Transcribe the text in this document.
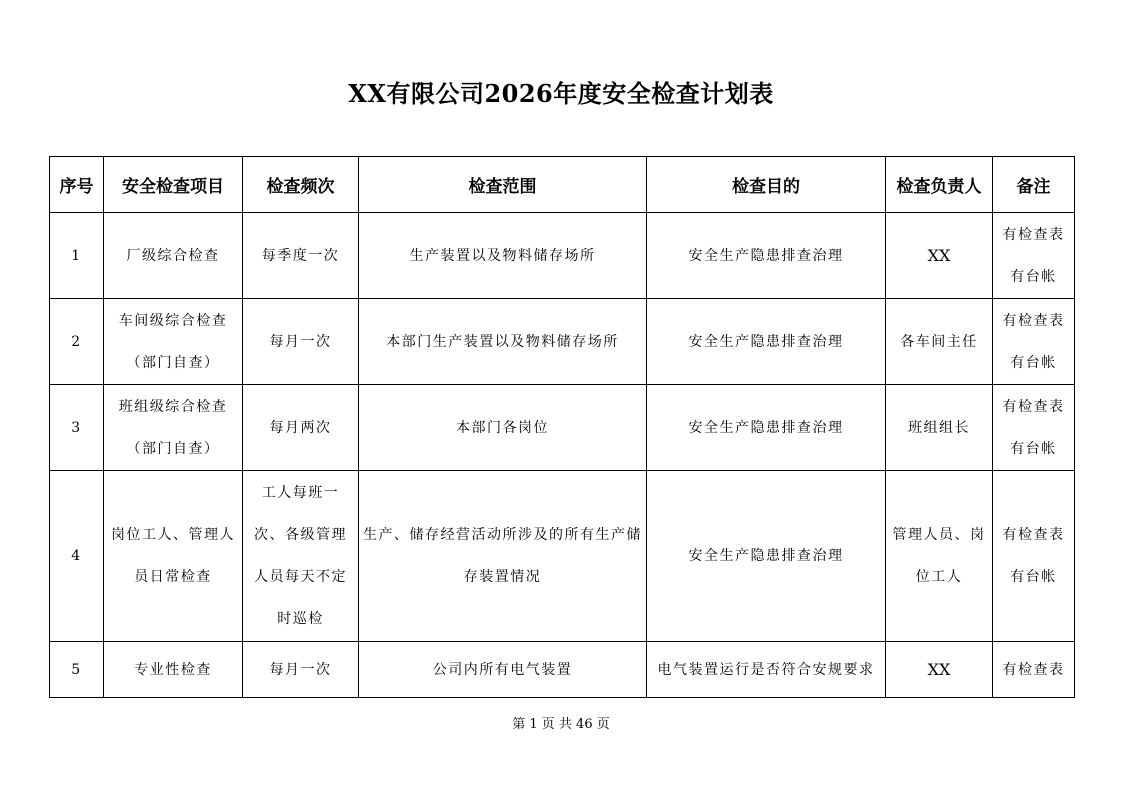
XX有限公司2026年度安全检查计划表
序号	安全检查项目	检查频次	检查范围	检查目的	检查负责人	备注
1	厂级综合检查	每季度一次	生产装置以及物料储存场所	安全生产隐患排查治理	XX	有检查表有台帐
2	车间级综合检查（部门自查）	每月一次	本部门生产装置以及物料储存场所	安全生产隐患排查治理	各车间主任	有检查表有台帐
3	班组级综合检查（部门自查）	每月两次	本部门各岗位	安全生产隐患排查治理	班组组长	有检查表有台帐
4	岗位工人、管理人员日常检查	工人每班一次、各级管理人员每天不定时巡检	生产、储存经营活动所涉及的所有生产储存装置情况	安全生产隐患排查治理	管理人员、岗位工人	有检查表有台帐
5	专业性检查	每月一次	公司内所有电气装置	电气装置运行是否符合安规要求	XX	有检查表
第 1 页 共 46 页
